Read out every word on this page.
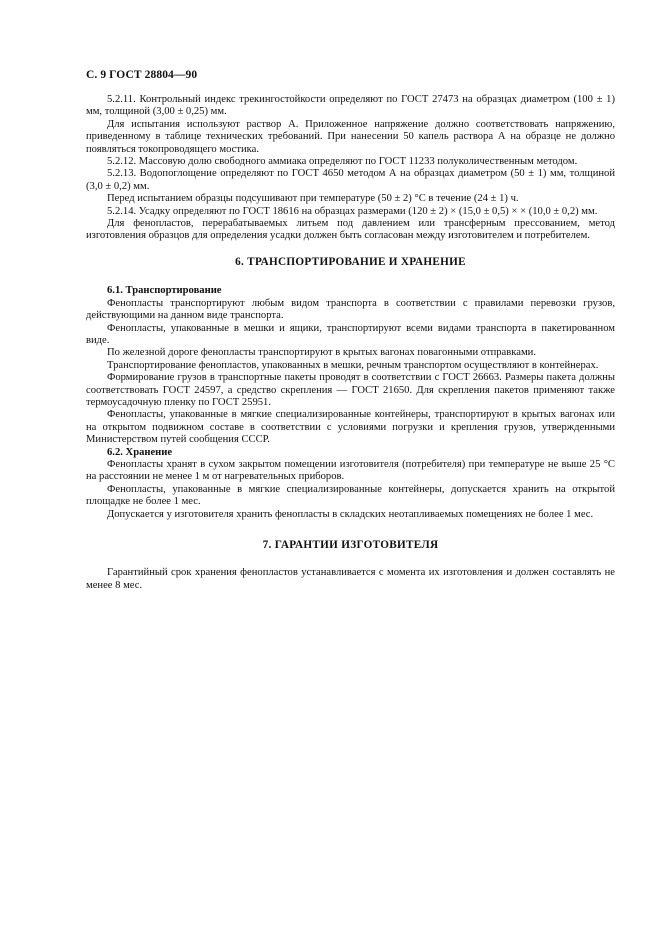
С. 9 ГОСТ 28804—90

5.2.11. Контрольный индекс трекингостойкости определяют по ГОСТ 27473 на образцах диаметром (100 ± 1) мм, толщиной (3,00 ± 0,25) мм.

Для испытания используют раствор А. Приложенное напряжение должно соответствовать напряжению, приведенному в таблице технических требований. При нанесении 50 капель раствора А на образце не должно появляться токопроводящего мостика.

5.2.12. Массовую долю свободного аммиака определяют по ГОСТ 11233 полуколичественным методом.

5.2.13. Водопоглощение определяют по ГОСТ 4650 методом А на образцах диаметром (50 ± 1) мм, толщиной (3,0 ± 0,2) мм.

Перед испытанием образцы подсушивают при температуре (50 ± 2) °С в течение (24 ± 1) ч.

5.2.14. Усадку определяют по ГОСТ 18616 на образцах размерами (120 ± 2) × (15,0 ± 0,5) × × (10,0 ± 0,2) мм.

Для фенопластов, перерабатываемых литьем под давлением или трансферным прессованием, метод изготовления образцов для определения усадки должен быть согласован между изготовителем и потребителем.

6. ТРАНСПОРТИРОВАНИЕ И ХРАНЕНИЕ
6.1. Транспортирование

Фенопласты транспортируют любым видом транспорта в соответствии с правилами перевозки грузов, действующими на данном виде транспорта.

Фенопласты, упакованные в мешки и ящики, транспортируют всеми видами транспорта в пакетированном виде.

По железной дороге фенопласты транспортируют в крытых вагонах повагонными отправками.

Транспортирование фенопластов, упакованных в мешки, речным транспортом осуществляют в контейнерах.

Формирование грузов в транспортные пакеты проводят в соответствии с ГОСТ 26663. Размеры пакета должны соответствовать ГОСТ 24597, а средство скрепления — ГОСТ 21650. Для скрепления пакетов применяют также термоусадочную пленку по ГОСТ 25951.

Фенопласты, упакованные в мягкие специализированные контейнеры, транспортируют в крытых вагонах или на открытом подвижном составе в соответствии с условиями погрузки и крепления грузов, утвержденными Министерством путей сообщения СССР.

6.2. Хранение

Фенопласты хранят в сухом закрытом помещении изготовителя (потребителя) при температуре не выше 25 °С на расстоянии не менее 1 м от нагревательных приборов.

Фенопласты, упакованные в мягкие специализированные контейнеры, допускается хранить на открытой площадке не более 1 мес.

Допускается у изготовителя хранить фенопласты в складских неотапливаемых помещениях не более 1 мес.

7. ГАРАНТИИ ИЗГОТОВИТЕЛЯ

Гарантийный срок хранения фенопластов устанавливается с момента их изготовления и должен составлять не менее 8 мес.
